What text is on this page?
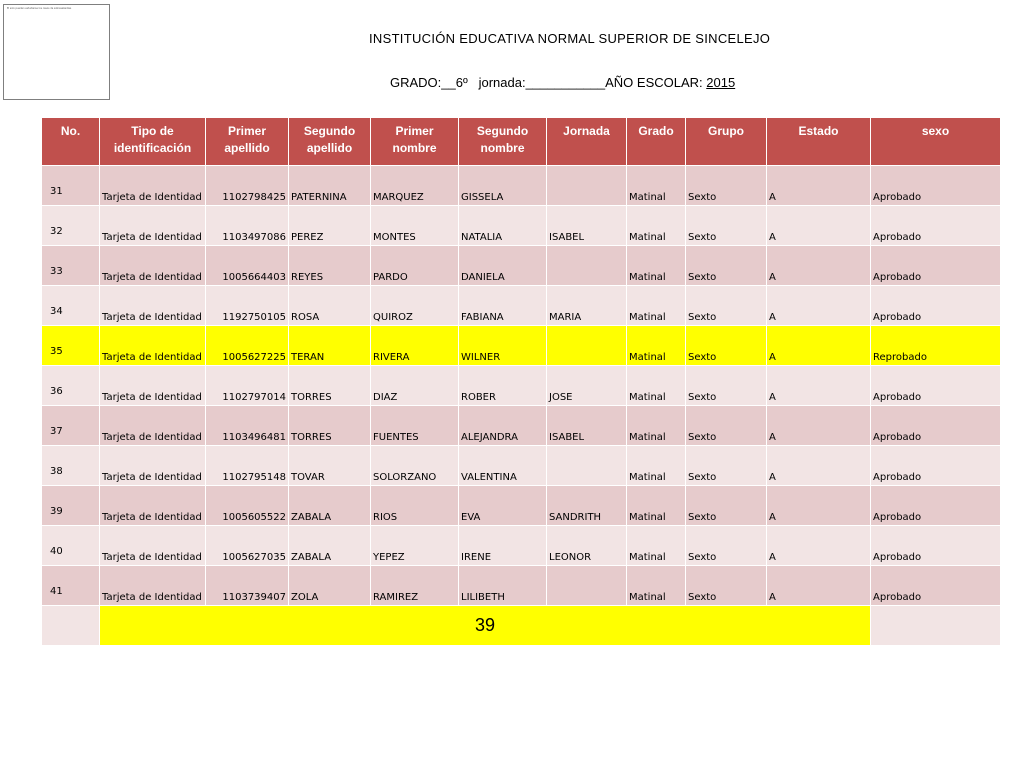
El solo pueden estudiarse los casos de sobresalientes
INSTITUCIÓN EDUCATIVA NORMAL SUPERIOR DE SINCELEJO
GRADO:__6º jornada:___________AÑO ESCOLAR: 2015
No.	Tipo de identificación	Primer apellido	Segundo apellido	Primer nombre	Segundo nombre	Jornada	Grado	Grupo	Estado	sexo	
31	Tarjeta de Identidad	1102798425	PATERNINA	MARQUEZ	GISSELA		Matinal	Sexto	A	Aprobado	
32	Tarjeta de Identidad	1103497086	PEREZ	MONTES	NATALIA	ISABEL	Matinal	Sexto	A	Aprobado	
33	Tarjeta de Identidad	1005664403	REYES	PARDO	DANIELA		Matinal	Sexto	A	Aprobado	
34	Tarjeta de Identidad	1192750105	ROSA	QUIROZ	FABIANA	MARIA	Matinal	Sexto	A	Aprobado	
35	Tarjeta de Identidad	1005627225	TERAN	RIVERA	WILNER		Matinal	Sexto	A	Reprobado	
36	Tarjeta de Identidad	1102797014	TORRES	DIAZ	ROBER	JOSE	Matinal	Sexto	A	Aprobado	
37	Tarjeta de Identidad	1103496481	TORRES	FUENTES	ALEJANDRA	ISABEL	Matinal	Sexto	A	Aprobado	
38	Tarjeta de Identidad	1102795148	TOVAR	SOLORZANO	VALENTINA		Matinal	Sexto	A	Aprobado	
39	Tarjeta de Identidad	1005605522	ZABALA	RIOS	EVA	SANDRITH	Matinal	Sexto	A	Aprobado	
40	Tarjeta de Identidad	1005627035	ZABALA	YEPEZ	IRENE	LEONOR	Matinal	Sexto	A	Aprobado	
41	Tarjeta de Identidad	1103739407	ZOLA	RAMIREZ	LILIBETH		Matinal	Sexto	A	Aprobado	
	39										
